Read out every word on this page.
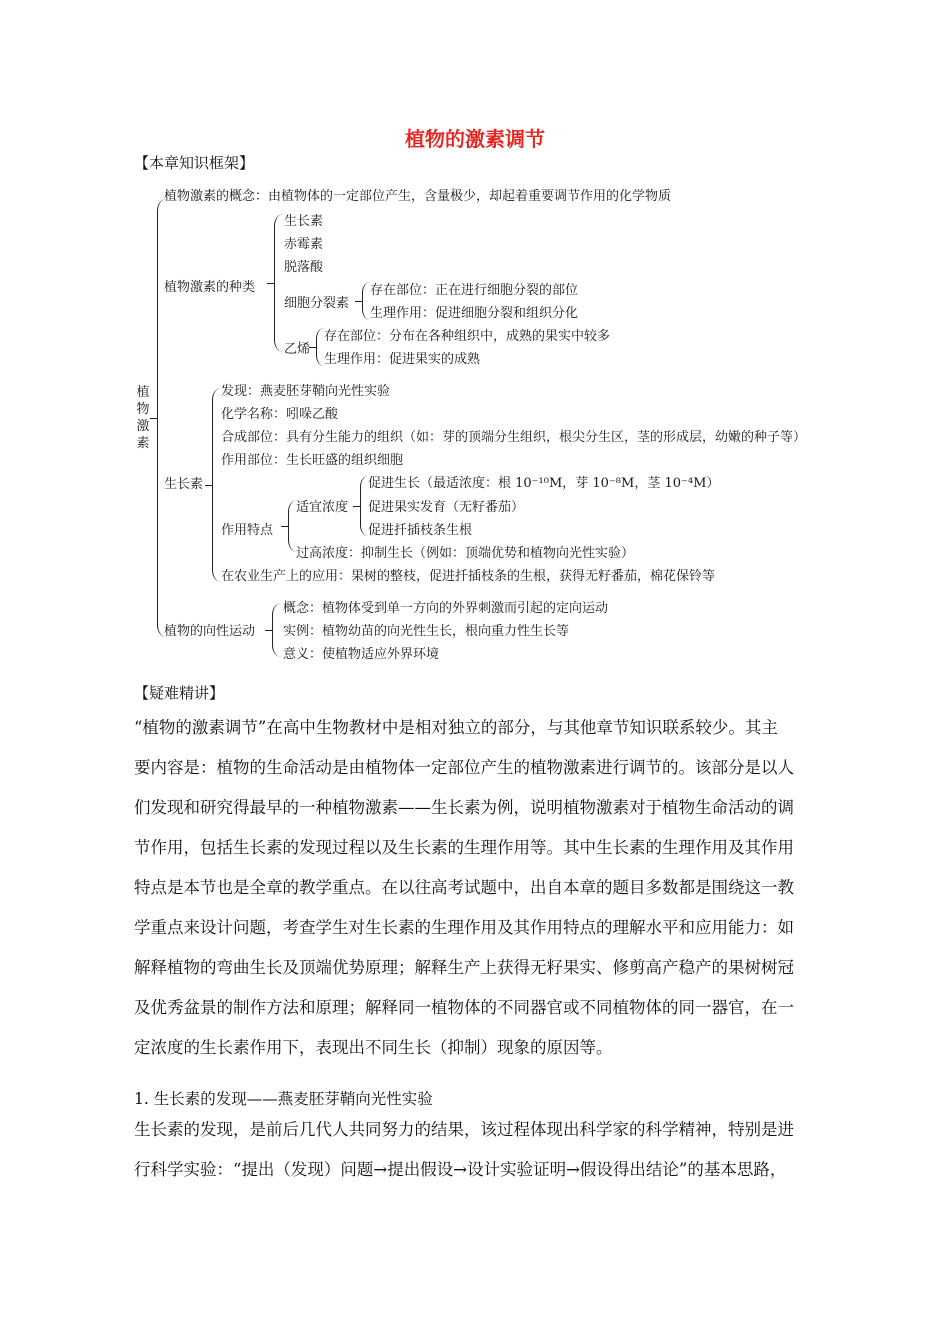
植物的激素调节
【本章知识框架】
植物激素
植物激素的概念：由植物体的一定部位产生，含量极少，却起着重要调节作用的化学物质
植物激素的种类
生长素
赤霉素
脱落酸
细胞分裂素
存在部位：正在进行细胞分裂的部位
生理作用：促进细胞分裂和组织分化
乙烯
存在部位：分布在各种组织中，成熟的果实中较多
生理作用：促进果实的成熟
生长素
发现：燕麦胚芽鞘向光性实验
化学名称：吲哚乙酸
合成部位：具有分生能力的组织（如：芽的顶端分生组织，根尖分生区，茎的形成层，幼嫩的种子等）
作用部位：生长旺盛的组织细胞
作用特点
适宜浓度
促进生长（最适浓度：根 10⁻¹⁰M，芽 10⁻⁸M，茎 10⁻⁴M）
促进果实发育（无籽番茄）
促进扦插枝条生根
过高浓度：抑制生长（例如：顶端优势和植物向光性实验）
在农业生产上的应用：果树的整枝，促进扦插枝条的生根，获得无籽番茄，棉花保铃等
植物的向性运动
概念：植物体受到单一方向的外界刺激而引起的定向运动
实例：植物幼苗的向光性生长，根向重力性生长等
意义：使植物适应外界环境
【疑难精讲】
“植物的激素调节”在高中生物教材中是相对独立的部分，与其他章节知识联系较少。其主
要内容是：植物的生命活动是由植物体一定部位产生的植物激素进行调节的。该部分是以人
们发现和研究得最早的一种植物激素——生长素为例，说明植物激素对于植物生命活动的调
节作用，包括生长素的发现过程以及生长素的生理作用等。其中生长素的生理作用及其作用
特点是本节也是全章的教学重点。在以往高考试题中，出自本章的题目多数都是围绕这一教
学重点来设计问题，考查学生对生长素的生理作用及其作用特点的理解水平和应用能力：如
解释植物的弯曲生长及顶端优势原理；解释生产上获得无籽果实、修剪高产稳产的果树树冠
及优秀盆景的制作方法和原理；解释同一植物体的不同器官或不同植物体的同一器官，在一
定浓度的生长素作用下，表现出不同生长（抑制）现象的原因等。
1. 生长素的发现——燕麦胚芽鞘向光性实验
生长素的发现，是前后几代人共同努力的结果，该过程体现出科学家的科学精神，特别是进
行科学实验：“提出（发现）问题→提出假设→设计实验证明→假设得出结论”的基本思路，
